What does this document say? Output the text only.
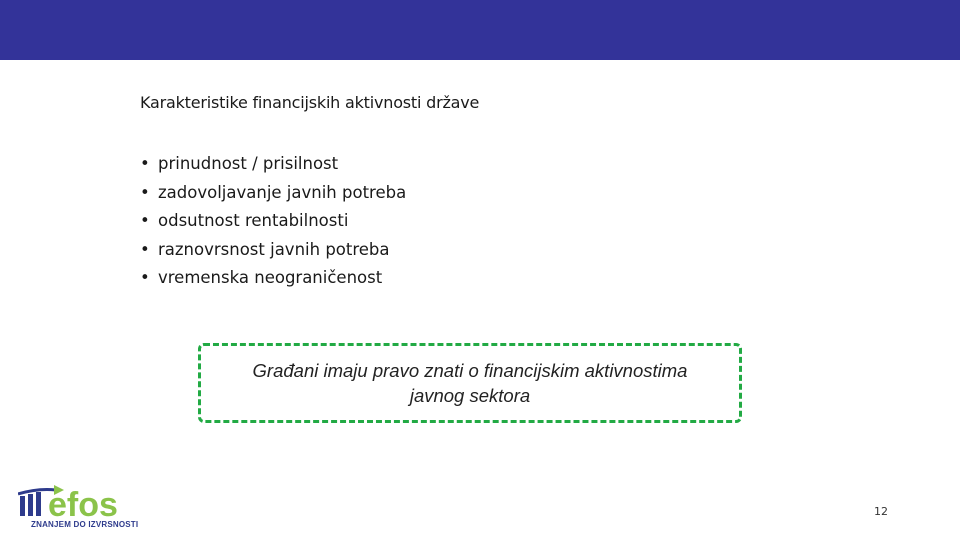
Karakteristike financijskih aktivnosti države
• prinudnost / prisilnost
• zadovoljavanje javnih potreba
• odsutnost rentabilnosti
• raznovrsnost javnih potreba
• vremenska neograničenost
Građani imaju pravo znati o financijskim aktivnostima
javnog sektora
efos
ZNANJEM DO IZVRSNOSTI
12
